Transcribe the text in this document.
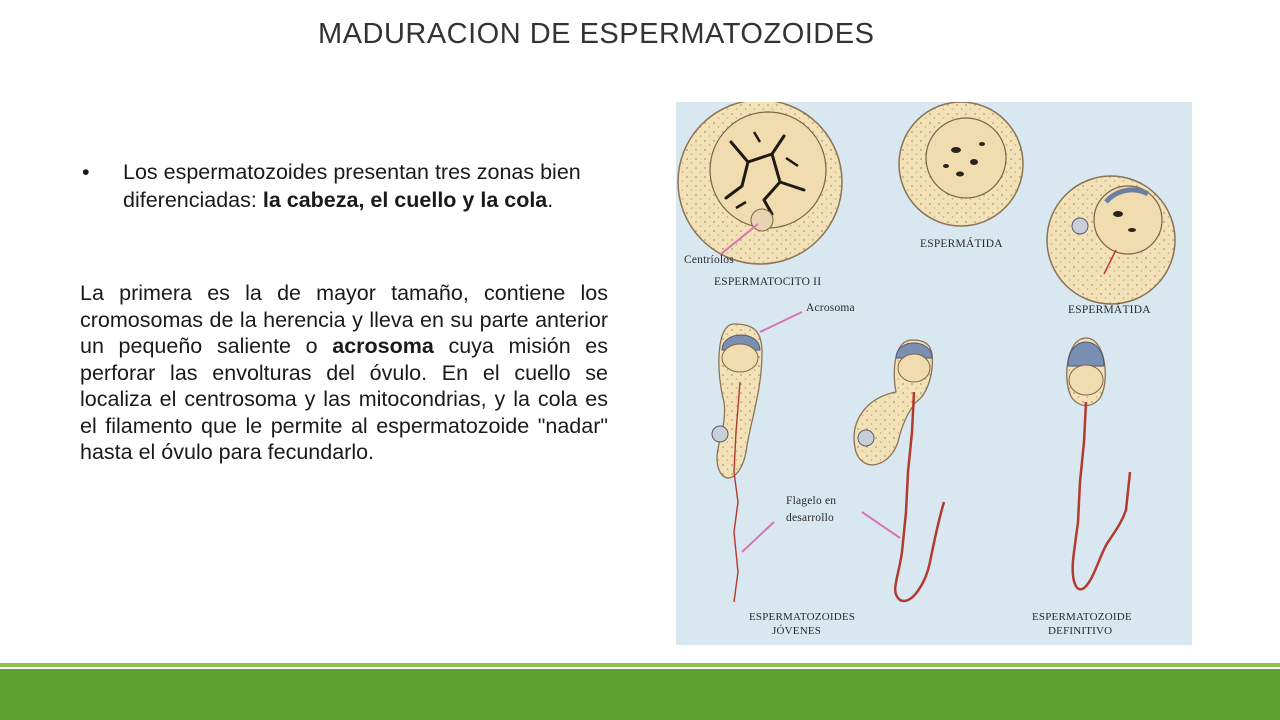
MADURACION DE ESPERMATOZOIDES
•	Los espermatozoides presentan tres zonas bien diferenciadas: la cabeza, el cuello y la cola.
La primera es la de mayor tamaño, contiene los cromosomas de la herencia y lleva en su parte anterior un pequeño saliente o acrosoma cuya misión es perforar las envolturas del óvulo. En el cuello se localiza el centrosoma y las mitocondrias, y la cola es el filamento que le permite al espermatozoide "nadar" hasta el óvulo para fecundarlo.
Centríolos
ESPERMATOCITO II
ESPERMÁTIDA
ESPERMÁTIDA
Acrosoma
Flagelo en
desarrollo
ESPERMATOZOIDES
JÓVENES
ESPERMATOZOIDE
DEFINITIVO
